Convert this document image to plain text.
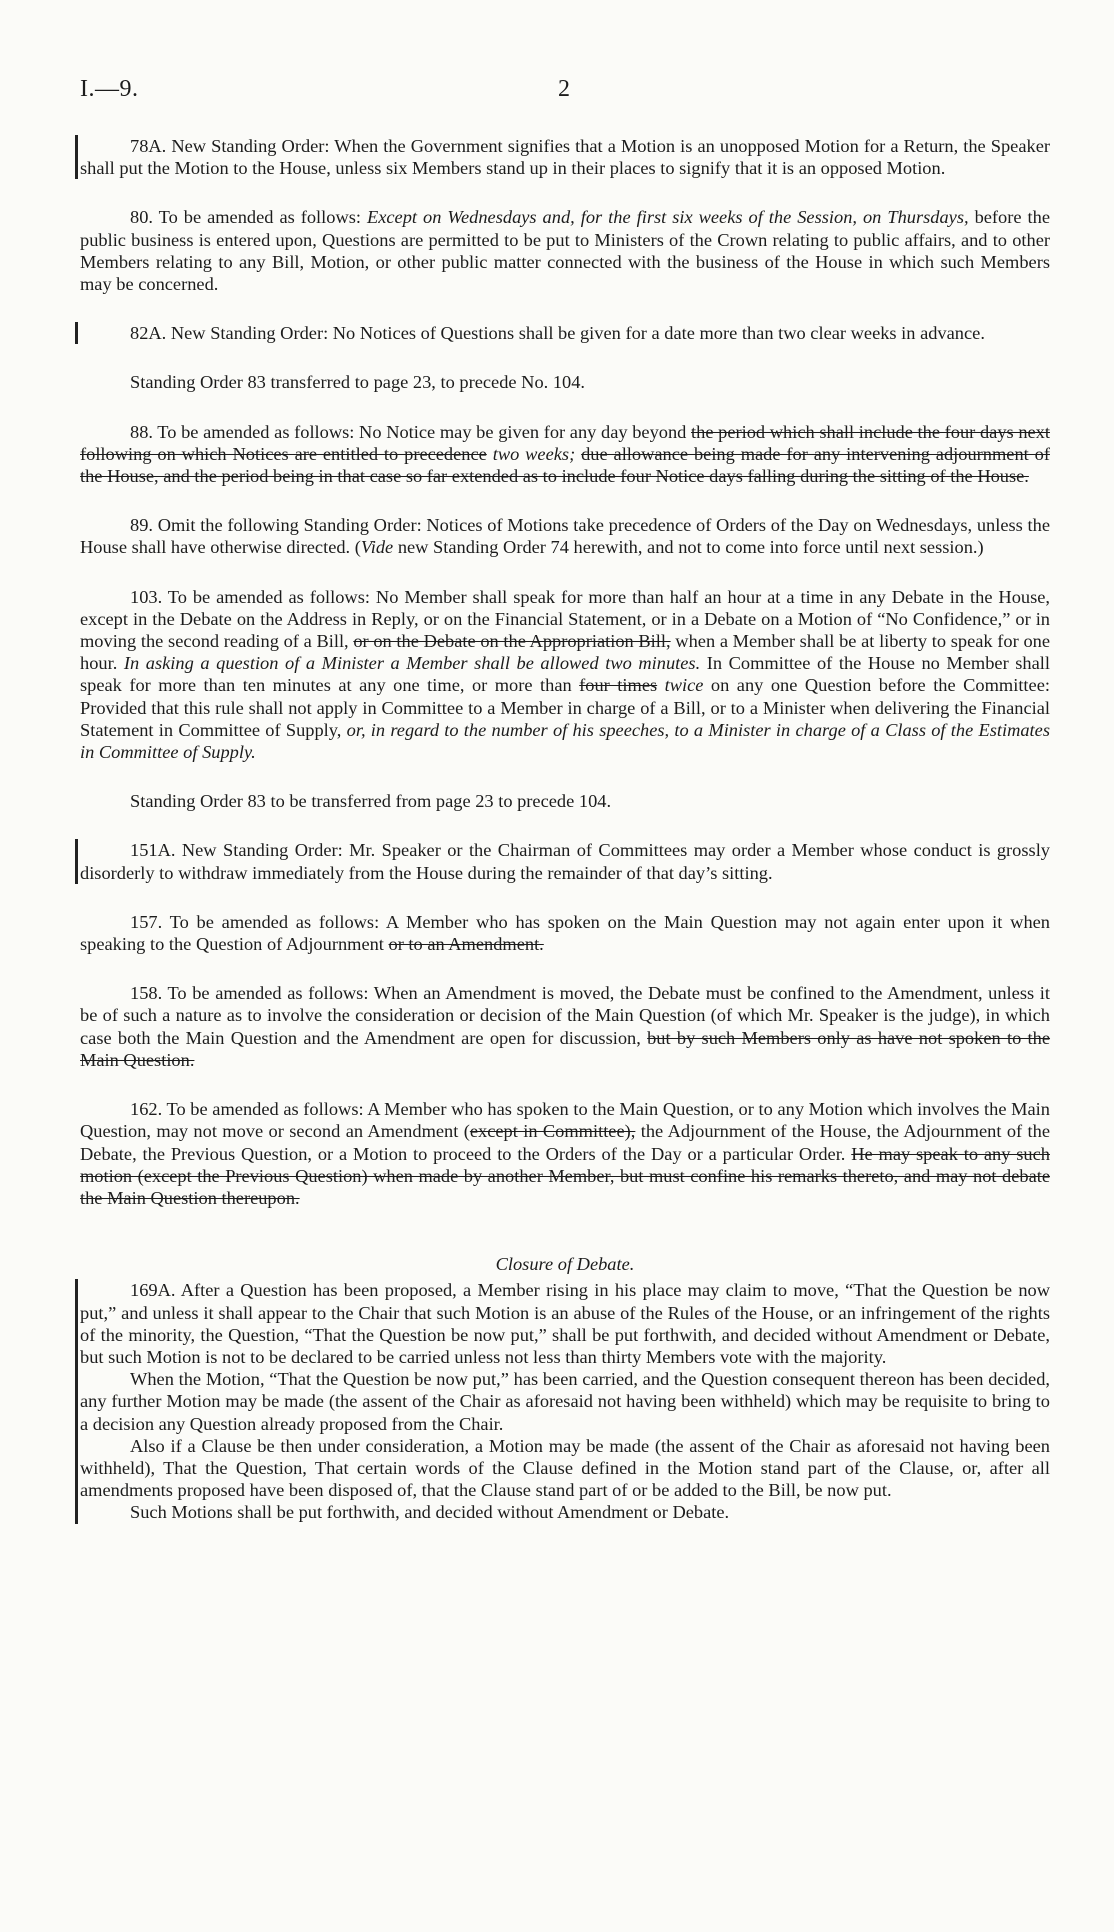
I.—9.	2

78A. New Standing Order: When the Government signifies that a Motion is an unopposed Motion for a Return, the Speaker shall put the Motion to the House, unless six Members stand up in their places to signify that it is an opposed Motion.

80. To be amended as follows: Except on Wednesdays and, for the first six weeks of the Session, on Thursdays, before the public business is entered upon, Questions are permitted to be put to Ministers of the Crown relating to public affairs, and to other Members relating to any Bill, Motion, or other public matter connected with the business of the House in which such Members may be concerned.

82A. New Standing Order: No Notices of Questions shall be given for a date more than two clear weeks in advance.

Standing Order 83 transferred to page 23, to precede No. 104.

88. To be amended as follows: No Notice may be given for any day beyond the period which shall include the four days next following on which Notices are entitled to precedence two weeks; due allowance being made for any intervening adjournment of the House, and the period being in that case so far extended as to include four Notice days falling during the sitting of the House.

89. Omit the following Standing Order: Notices of Motions take precedence of Orders of the Day on Wednesdays, unless the House shall have otherwise directed. (Vide new Standing Order 74 herewith, and not to come into force until next session.)

103. To be amended as follows: No Member shall speak for more than half an hour at a time in any Debate in the House, except in the Debate on the Address in Reply, or on the Financial Statement, or in a Debate on a Motion of “No Confidence,” or in moving the second reading of a Bill, or on the Debate on the Appropriation Bill, when a Member shall be at liberty to speak for one hour. In asking a question of a Minister a Member shall be allowed two minutes. In Committee of the House no Member shall speak for more than ten minutes at any one time, or more than four times twice on any one Question before the Committee: Provided that this rule shall not apply in Committee to a Member in charge of a Bill, or to a Minister when delivering the Financial Statement in Committee of Supply, or, in regard to the number of his speeches, to a Minister in charge of a Class of the Estimates in Committee of Supply.

Standing Order 83 to be transferred from page 23 to precede 104.

151A. New Standing Order: Mr. Speaker or the Chairman of Committees may order a Member whose conduct is grossly disorderly to withdraw immediately from the House during the remainder of that day’s sitting.

157. To be amended as follows: A Member who has spoken on the Main Question may not again enter upon it when speaking to the Question of Adjournment or to an Amendment.

158. To be amended as follows: When an Amendment is moved, the Debate must be confined to the Amendment, unless it be of such a nature as to involve the consideration or decision of the Main Question (of which Mr. Speaker is the judge), in which case both the Main Question and the Amendment are open for discussion, but by such Members only as have not spoken to the Main Question.

162. To be amended as follows: A Member who has spoken to the Main Question, or to any Motion which involves the Main Question, may not move or second an Amendment (except in Committee), the Adjournment of the House, the Adjournment of the Debate, the Previous Question, or a Motion to proceed to the Orders of the Day or a particular Order. He may speak to any such motion (except the Previous Question) when made by another Member, but must confine his remarks thereto, and may not debate the Main Question thereupon.

Closure of Debate.

169A. After a Question has been proposed, a Member rising in his place may claim to move, “That the Question be now put,” and unless it shall appear to the Chair that such Motion is an abuse of the Rules of the House, or an infringement of the rights of the minority, the Question, “That the Question be now put,” shall be put forthwith, and decided without Amendment or Debate, but such Motion is not to be declared to be carried unless not less than thirty Members vote with the majority.

When the Motion, “That the Question be now put,” has been carried, and the Question consequent thereon has been decided, any further Motion may be made (the assent of the Chair as aforesaid not having been withheld) which may be requisite to bring to a decision any Question already proposed from the Chair.

Also if a Clause be then under consideration, a Motion may be made (the assent of the Chair as aforesaid not having been withheld), That the Question, That certain words of the Clause defined in the Motion stand part of the Clause, or, after all amendments proposed have been disposed of, that the Clause stand part of or be added to the Bill, be now put.

Such Motions shall be put forthwith, and decided without Amendment or Debate.
